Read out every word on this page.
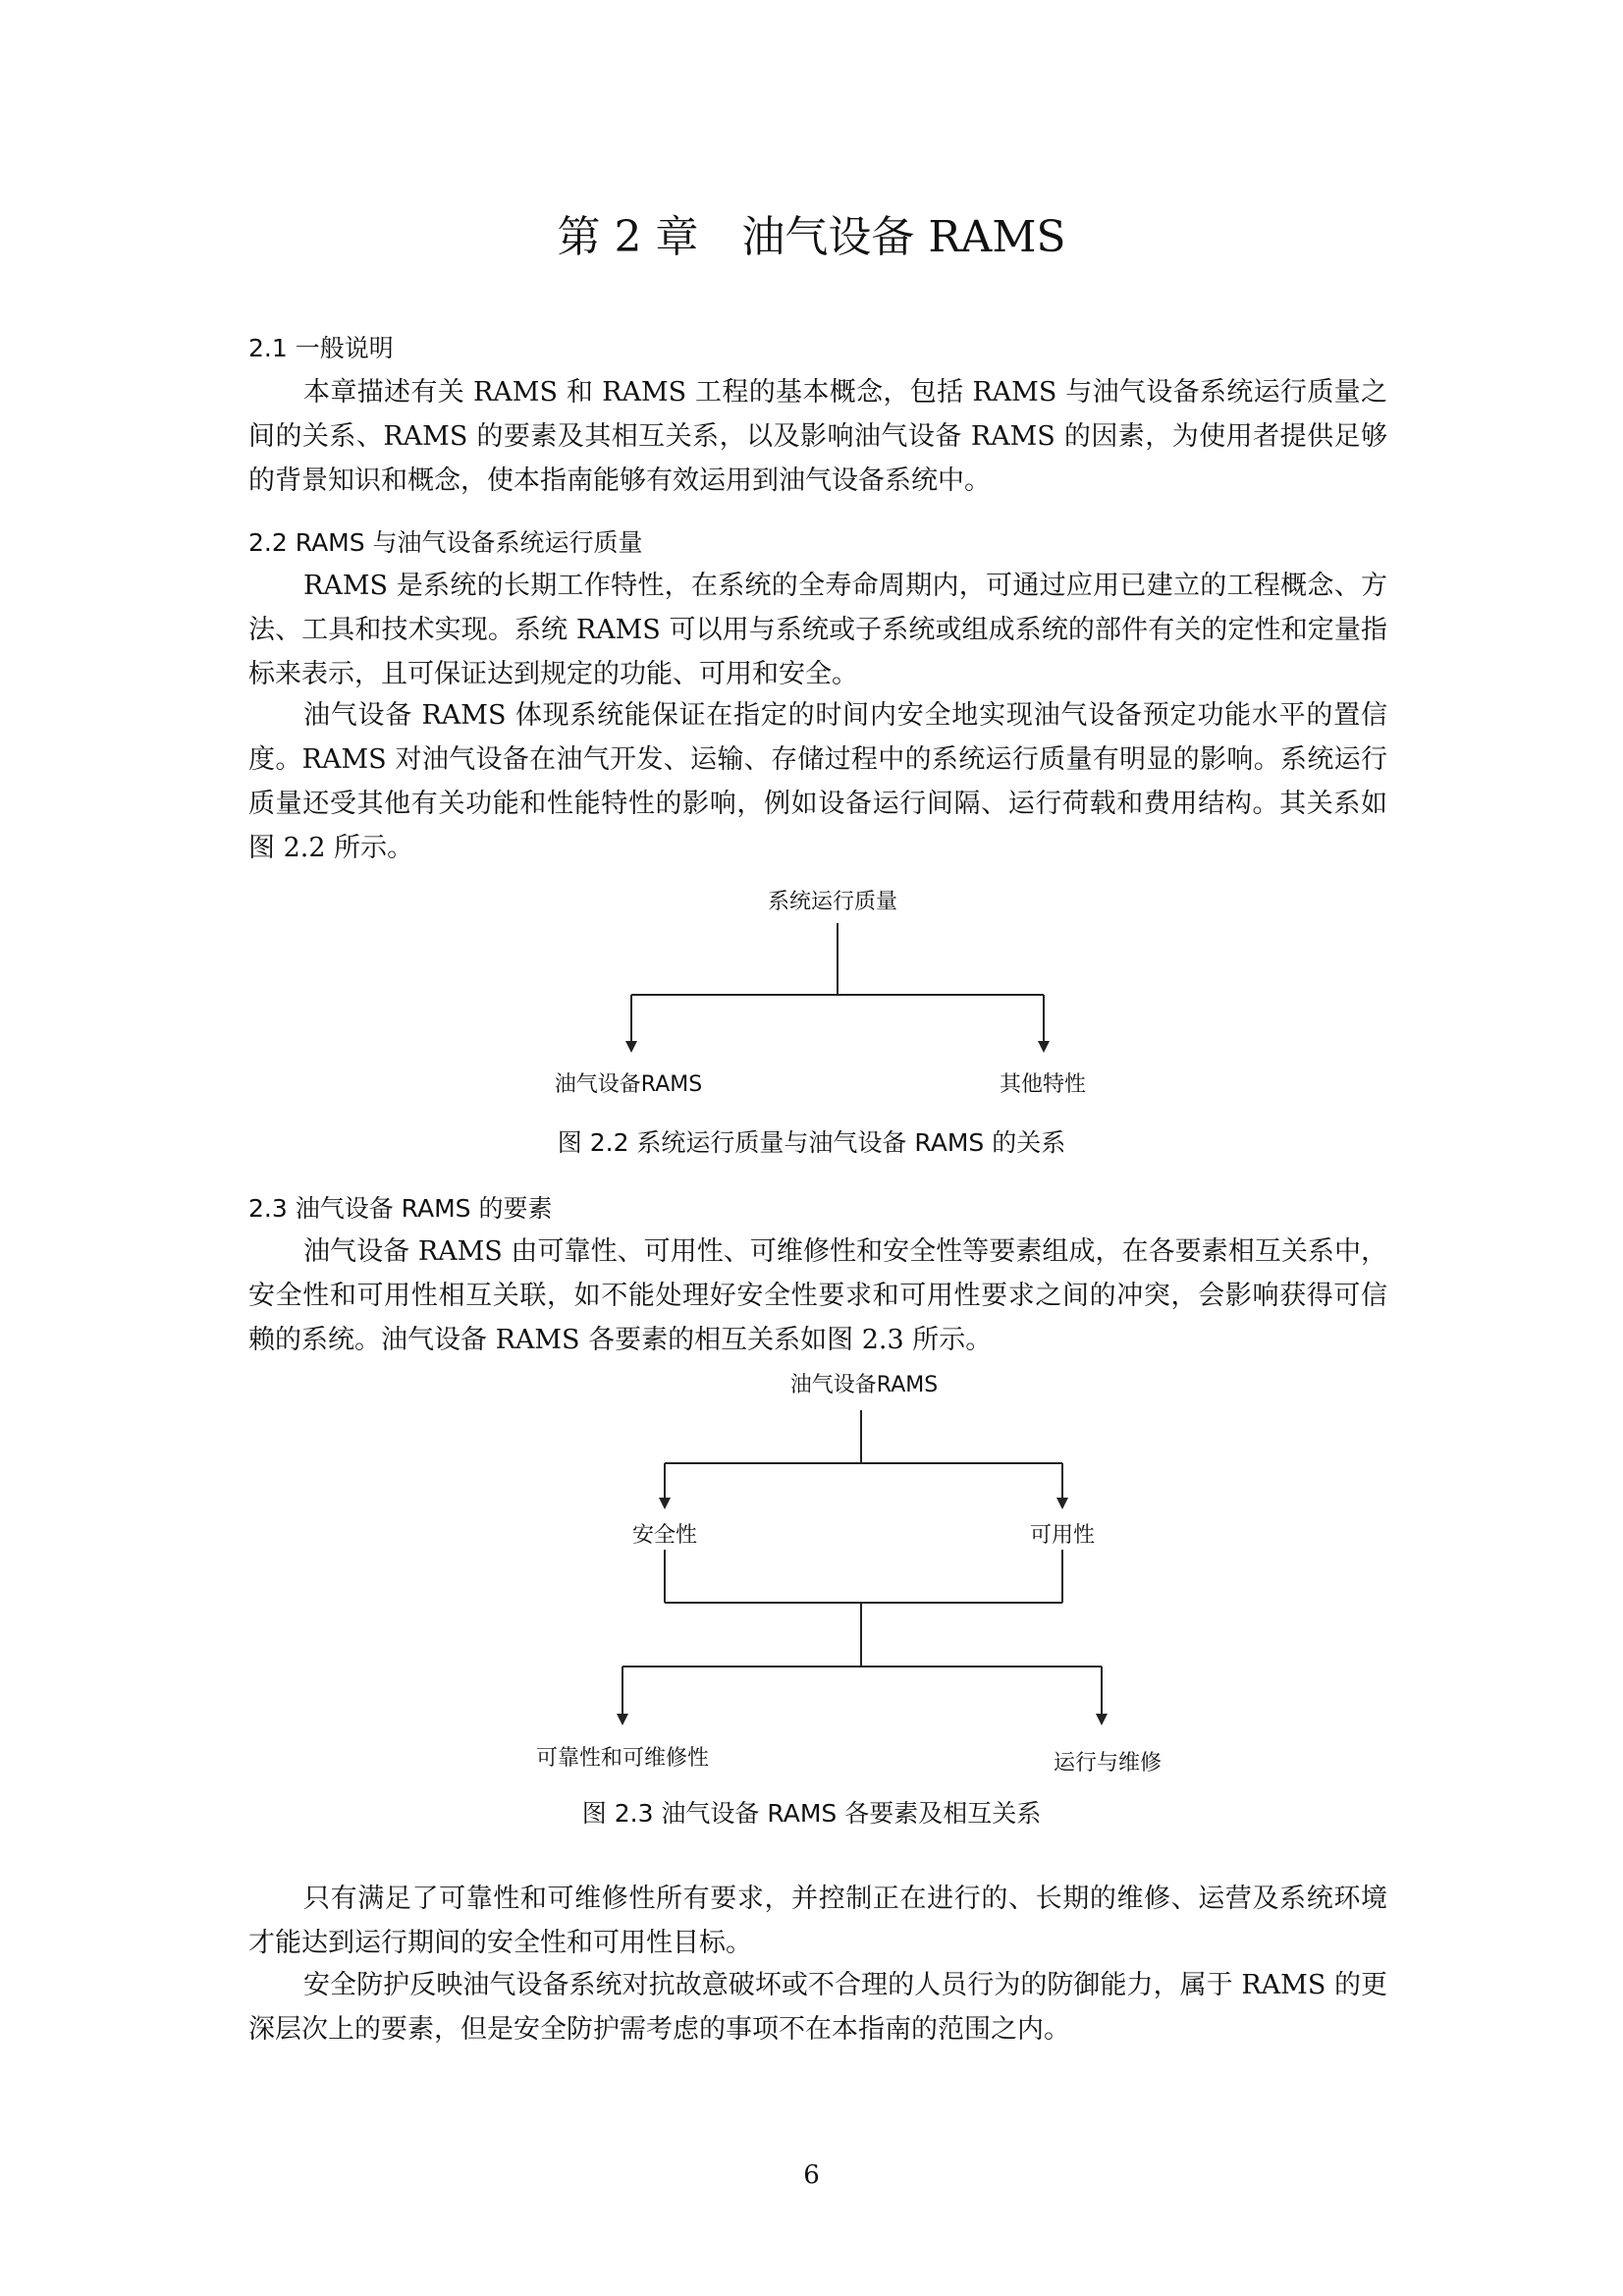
第 2 章　油气设备 RAMS
2.1 一般说明

本章描述有关 RAMS 和 RAMS 工程的基本概念，包括 RAMS 与油气设备系统运行质量之间的关系、RAMS 的要素及其相互关系，以及影响油气设备 RAMS 的因素，为使用者提供足够的背景知识和概念，使本指南能够有效运用到油气设备系统中。

2.2 RAMS 与油气设备系统运行质量

RAMS 是系统的长期工作特性，在系统的全寿命周期内，可通过应用已建立的工程概念、方法、工具和技术实现。系统 RAMS 可以用与系统或子系统或组成系统的部件有关的定性和定量指标来表示，且可保证达到规定的功能、可用和安全。

油气设备 RAMS 体现系统能保证在指定的时间内安全地实现油气设备预定功能水平的置信度。RAMS 对油气设备在油气开发、运输、存储过程中的系统运行质量有明显的影响。系统运行质量还受其他有关功能和性能特性的影响，例如设备运行间隔、运行荷载和费用结构。其关系如图 2.2 所示。

系统运行质量
油气设备RAMS	其他特性
油气设备RAMS
安全性	可用性
可靠性和可维修性	运行与维修
图 2.2 系统运行质量与油气设备 RAMS 的关系
2.3 油气设备 RAMS 的要素

油气设备 RAMS 由可靠性、可用性、可维修性和安全性等要素组成，在各要素相互关系中，安全性和可用性相互关联，如不能处理好安全性要求和可用性要求之间的冲突，会影响获得可信赖的系统。油气设备 RAMS 各要素的相互关系如图 2.3 所示。

图 2.3 油气设备 RAMS 各要素及相互关系

只有满足了可靠性和可维修性所有要求，并控制正在进行的、长期的维修、运营及系统环境才能达到运行期间的安全性和可用性目标。

安全防护反映油气设备系统对抗故意破坏或不合理的人员行为的防御能力，属于 RAMS 的更深层次上的要素，但是安全防护需考虑的事项不在本指南的范围之内。

6
